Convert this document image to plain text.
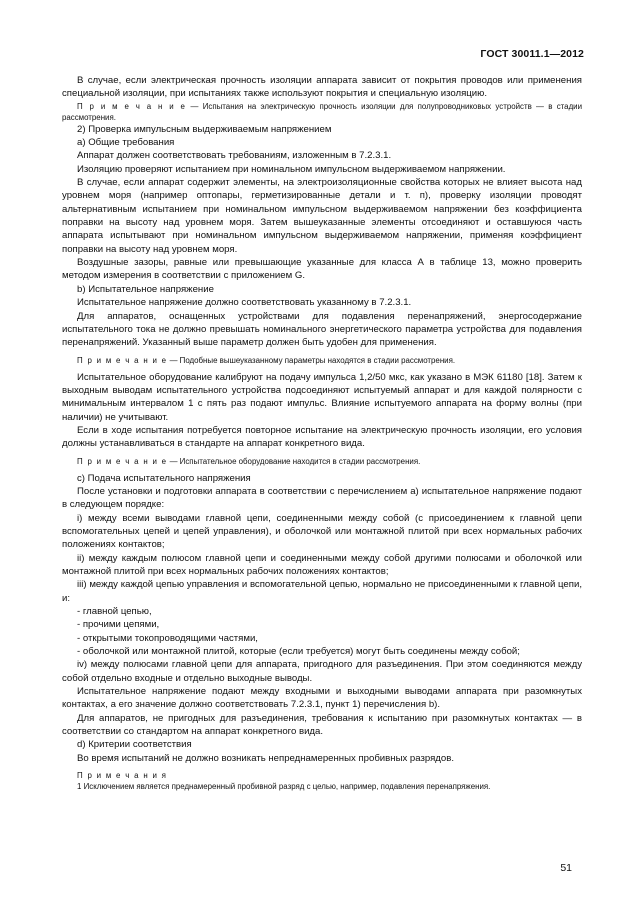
ГОСТ 30011.1—2012

В случае, если электрическая прочность изоляции аппарата зависит от покрытия проводов или применения специальной изоляции, при испытаниях также используют покрытия и специальную изоляцию.

П р и м е ч а н и е — Испытания на электрическую прочность изоляции для полупроводниковых устройств — в стадии рассмотрения.

2) Проверка импульсным выдерживаемым напряжением

а) Общие требования

Аппарат должен соответствовать требованиям, изложенным в 7.2.3.1.

Изоляцию проверяют испытанием при номинальном импульсном выдерживаемом напряжении.

В случае, если аппарат содержит элементы, на электроизоляционные свойства которых не влияет высота над уровнем моря (например оптопары, герметизированные детали и т. п), проверку изоляции проводят альтернативным испытанием при номинальном импульсном выдерживаемом напряжении без коэффициента поправки на высоту над уровнем моря. Затем вышеуказанные элементы отсоединяют и оставшуюся часть аппарата испытывают при номинальном импульсном выдерживаемом напряжении, применяя коэффициент поправки на высоту над уровнем моря.

Воздушные зазоры, равные или превышающие указанные для класса А в таблице 13, можно проверить методом измерения в соответствии с приложением G.

b) Испытательное напряжение

Испытательное напряжение должно соответствовать указанному в 7.2.3.1.

Для аппаратов, оснащенных устройствами для подавления перенапряжений, энергосодержание испытательного тока не должно превышать номинального энергетического параметра устройства для подавления перенапряжений. Указанный выше параметр должен быть удобен для применения.

П р и м е ч а н и е — Подобные вышеуказанному параметры находятся в стадии рассмотрения.

Испытательное оборудование калибруют на подачу импульса 1,2/50 мкс, как указано в МЭК 61180 [18]. Затем к выходным выводам испытательного устройства подсоединяют испытуемый аппарат и для каждой полярности с минимальным интервалом 1 с пять раз подают импульс. Влияние испытуемого аппарата на форму волны (при наличии) не учитывают.

Если в ходе испытания потребуется повторное испытание на электрическую прочность изоляции, его условия должны устанавливаться в стандарте на аппарат конкретного вида.

П р и м е ч а н и е — Испытательное оборудование находится в стадии рассмотрения.

с) Подача испытательного напряжения

После установки и подготовки аппарата в соответствии с перечислением а) испытательное напряжение подают в следующем порядке:

i) между всеми выводами главной цепи, соединенными между собой (с присоединением к главной цепи вспомогательных цепей и цепей управления), и оболочкой или монтажной плитой при всех нормальных рабочих положениях контактов;

ii) между каждым полюсом главной цепи и соединенными между собой другими полюсами и оболочкой или монтажной плитой при всех нормальных рабочих положениях контактов;

iii) между каждой цепью управления и вспомогательной цепью, нормально не присоединенными к главной цепи, и:

- главной цепью,

- прочими цепями,

- открытыми токопроводящими частями,

- оболочкой или монтажной плитой, которые (если требуется) могут быть соединены между собой;

iv) между полюсами главной цепи для аппарата, пригодного для разъединения. При этом соединяются между собой отдельно входные и отдельно выходные выводы.

Испытательное напряжение подают между входными и выходными выводами аппарата при разомкнутых контактах, а его значение должно соответствовать 7.2.3.1, пункт 1) перечисления b).

Для аппаратов, не пригодных для разъединения, требования к испытанию при разомкнутых контактах — в соответствии со стандартом на аппарат конкретного вида.

d) Критерии соответствия

Во время испытаний не должно возникать непреднамеренных пробивных разрядов.

П р и м е ч а н и я

1 Исключением является преднамеренный пробивной разряд с целью, например, подавления перенапряжения.

51
